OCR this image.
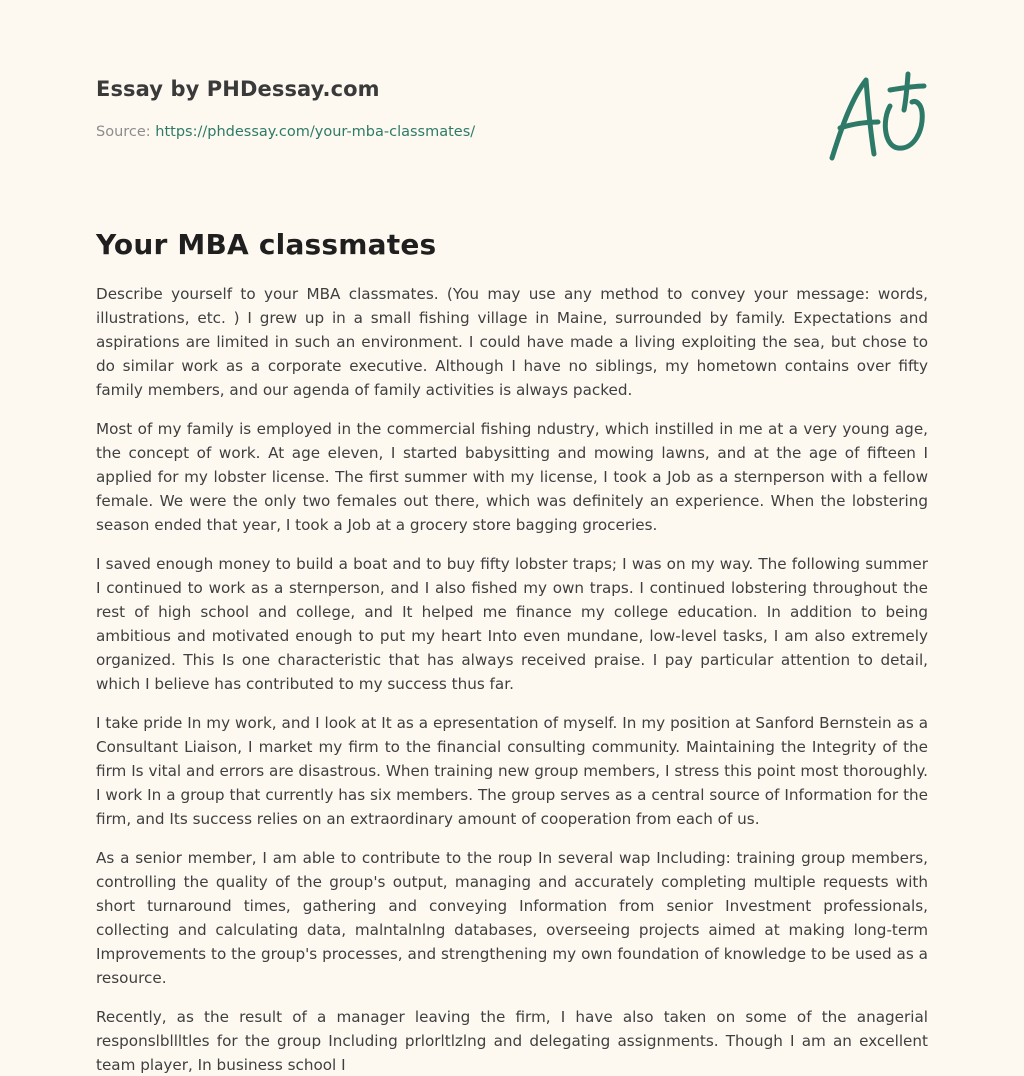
Essay by PHDessay.com
Source: https://phdessay.com/your-mba-classmates/
Your MBA classmates

Describe yourself to your MBA classmates. (You may use any method to convey your message: words, illustrations, etc. ) I grew up in a small fishing village in Maine, surrounded by family. Expectations and aspirations are limited in such an environment. I could have made a living exploiting the sea, but chose to do similar work as a corporate executive. Although I have no siblings, my hometown contains over fifty family members, and our agenda of family activities is always packed.

Most of my family is employed in the commercial fishing ndustry, which instilled in me at a very young age, the concept of work. At age eleven, I started babysitting and mowing lawns, and at the age of fifteen I applied for my lobster license. The first summer with my license, I took a Job as a sternperson with a fellow female. We were the only two females out there, which was definitely an experience. When the lobstering season ended that year, I took a Job at a grocery store bagging groceries.

I saved enough money to build a boat and to buy fifty lobster traps; I was on my way. The following summer I continued to work as a sternperson, and I also fished my own traps. I continued lobstering throughout the rest of high school and college, and It helped me finance my college education. In addition to being ambitious and motivated enough to put my heart Into even mundane, low-level tasks, I am also extremely organized. This Is one characteristic that has always received praise. I pay particular attention to detail, which I believe has contributed to my success thus far.

I take pride In my work, and I look at It as a epresentation of myself. In my position at Sanford Bernstein as a Consultant Liaison, I market my firm to the financial consulting community. Maintaining the Integrity of the firm Is vital and errors are disastrous. When training new group members, I stress this point most thoroughly. I work In a group that currently has six members. The group serves as a central source of Information for the firm, and Its success relies on an extraordinary amount of cooperation from each of us.

As a senior member, I am able to contribute to the roup In several wap Including: training group members, controlling the quality of the group's output, managing and accurately completing multiple requests with short turnaround times, gathering and conveying Information from senior Investment professionals, collecting and calculating data, malntalnlng databases, overseeing projects aimed at making long-term Improvements to the group's processes, and strengthening my own foundation of knowledge to be used as a resource.

Recently, as the result of a manager leaving the firm, I have also taken on some of the anagerial responslbllltles for the group Including prlorltlzlng and delegating assignments. Though I am an excellent team player, In business school I
